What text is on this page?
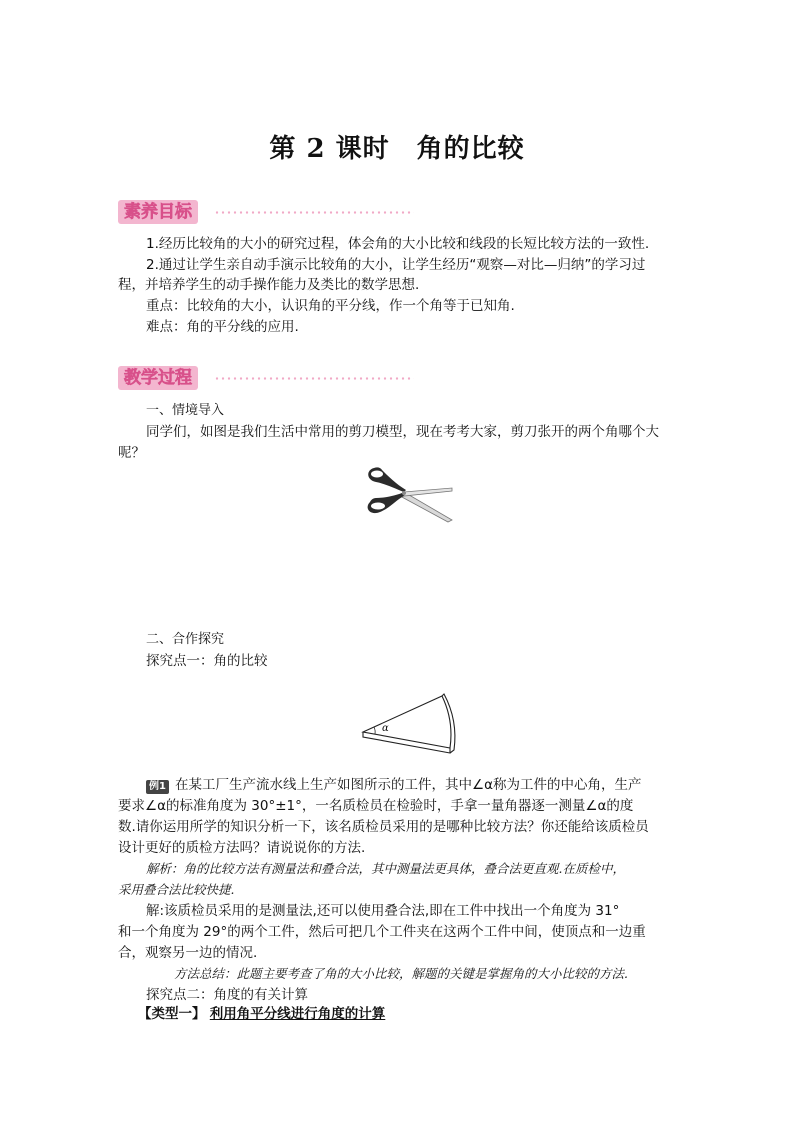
第 2 课时　角的比较
素养目标
1.经历比较角的大小的研究过程，体会角的大小比较和线段的长短比较方法的一致性.
2.通过让学生亲自动手演示比较角的大小，让学生经历“观察—对比—归纳”的学习过
程，并培养学生的动手操作能力及类比的数学思想.
重点：比较角的大小，认识角的平分线，作一个角等于已知角.
难点：角的平分线的应用.
教学过程
一、情境导入
同学们，如图是我们生活中常用的剪刀模型，现在考考大家，剪刀张开的两个角哪个大
呢？
二、合作探究
探究点一：角的比较
α
例1 在某工厂生产流水线上生产如图所示的工件，其中∠α称为工件的中心角，生产
要求∠α的标准角度为 30°±1°，一名质检员在检验时，手拿一量角器逐一测量∠α的度
数.请你运用所学的知识分析一下，该名质检员采用的是哪种比较方法？你还能给该质检员
设计更好的质检方法吗？请说说你的方法.
解析：角的比较方法有测量法和叠合法，其中测量法更具体，叠合法更直观.在质检中，
采用叠合法比较快捷.
解:该质检员采用的是测量法,还可以使用叠合法,即在工件中找出一个角度为 31°
和一个角度为 29°的两个工件，然后可把几个工件夹在这两个工件中间，使顶点和一边重
合，观察另一边的情况.
方法总结：此题主要考查了角的大小比较，解题的关键是掌握角的大小比较的方法.
探究点二：角度的有关计算
【类型一】 利用角平分线进行角度的计算
